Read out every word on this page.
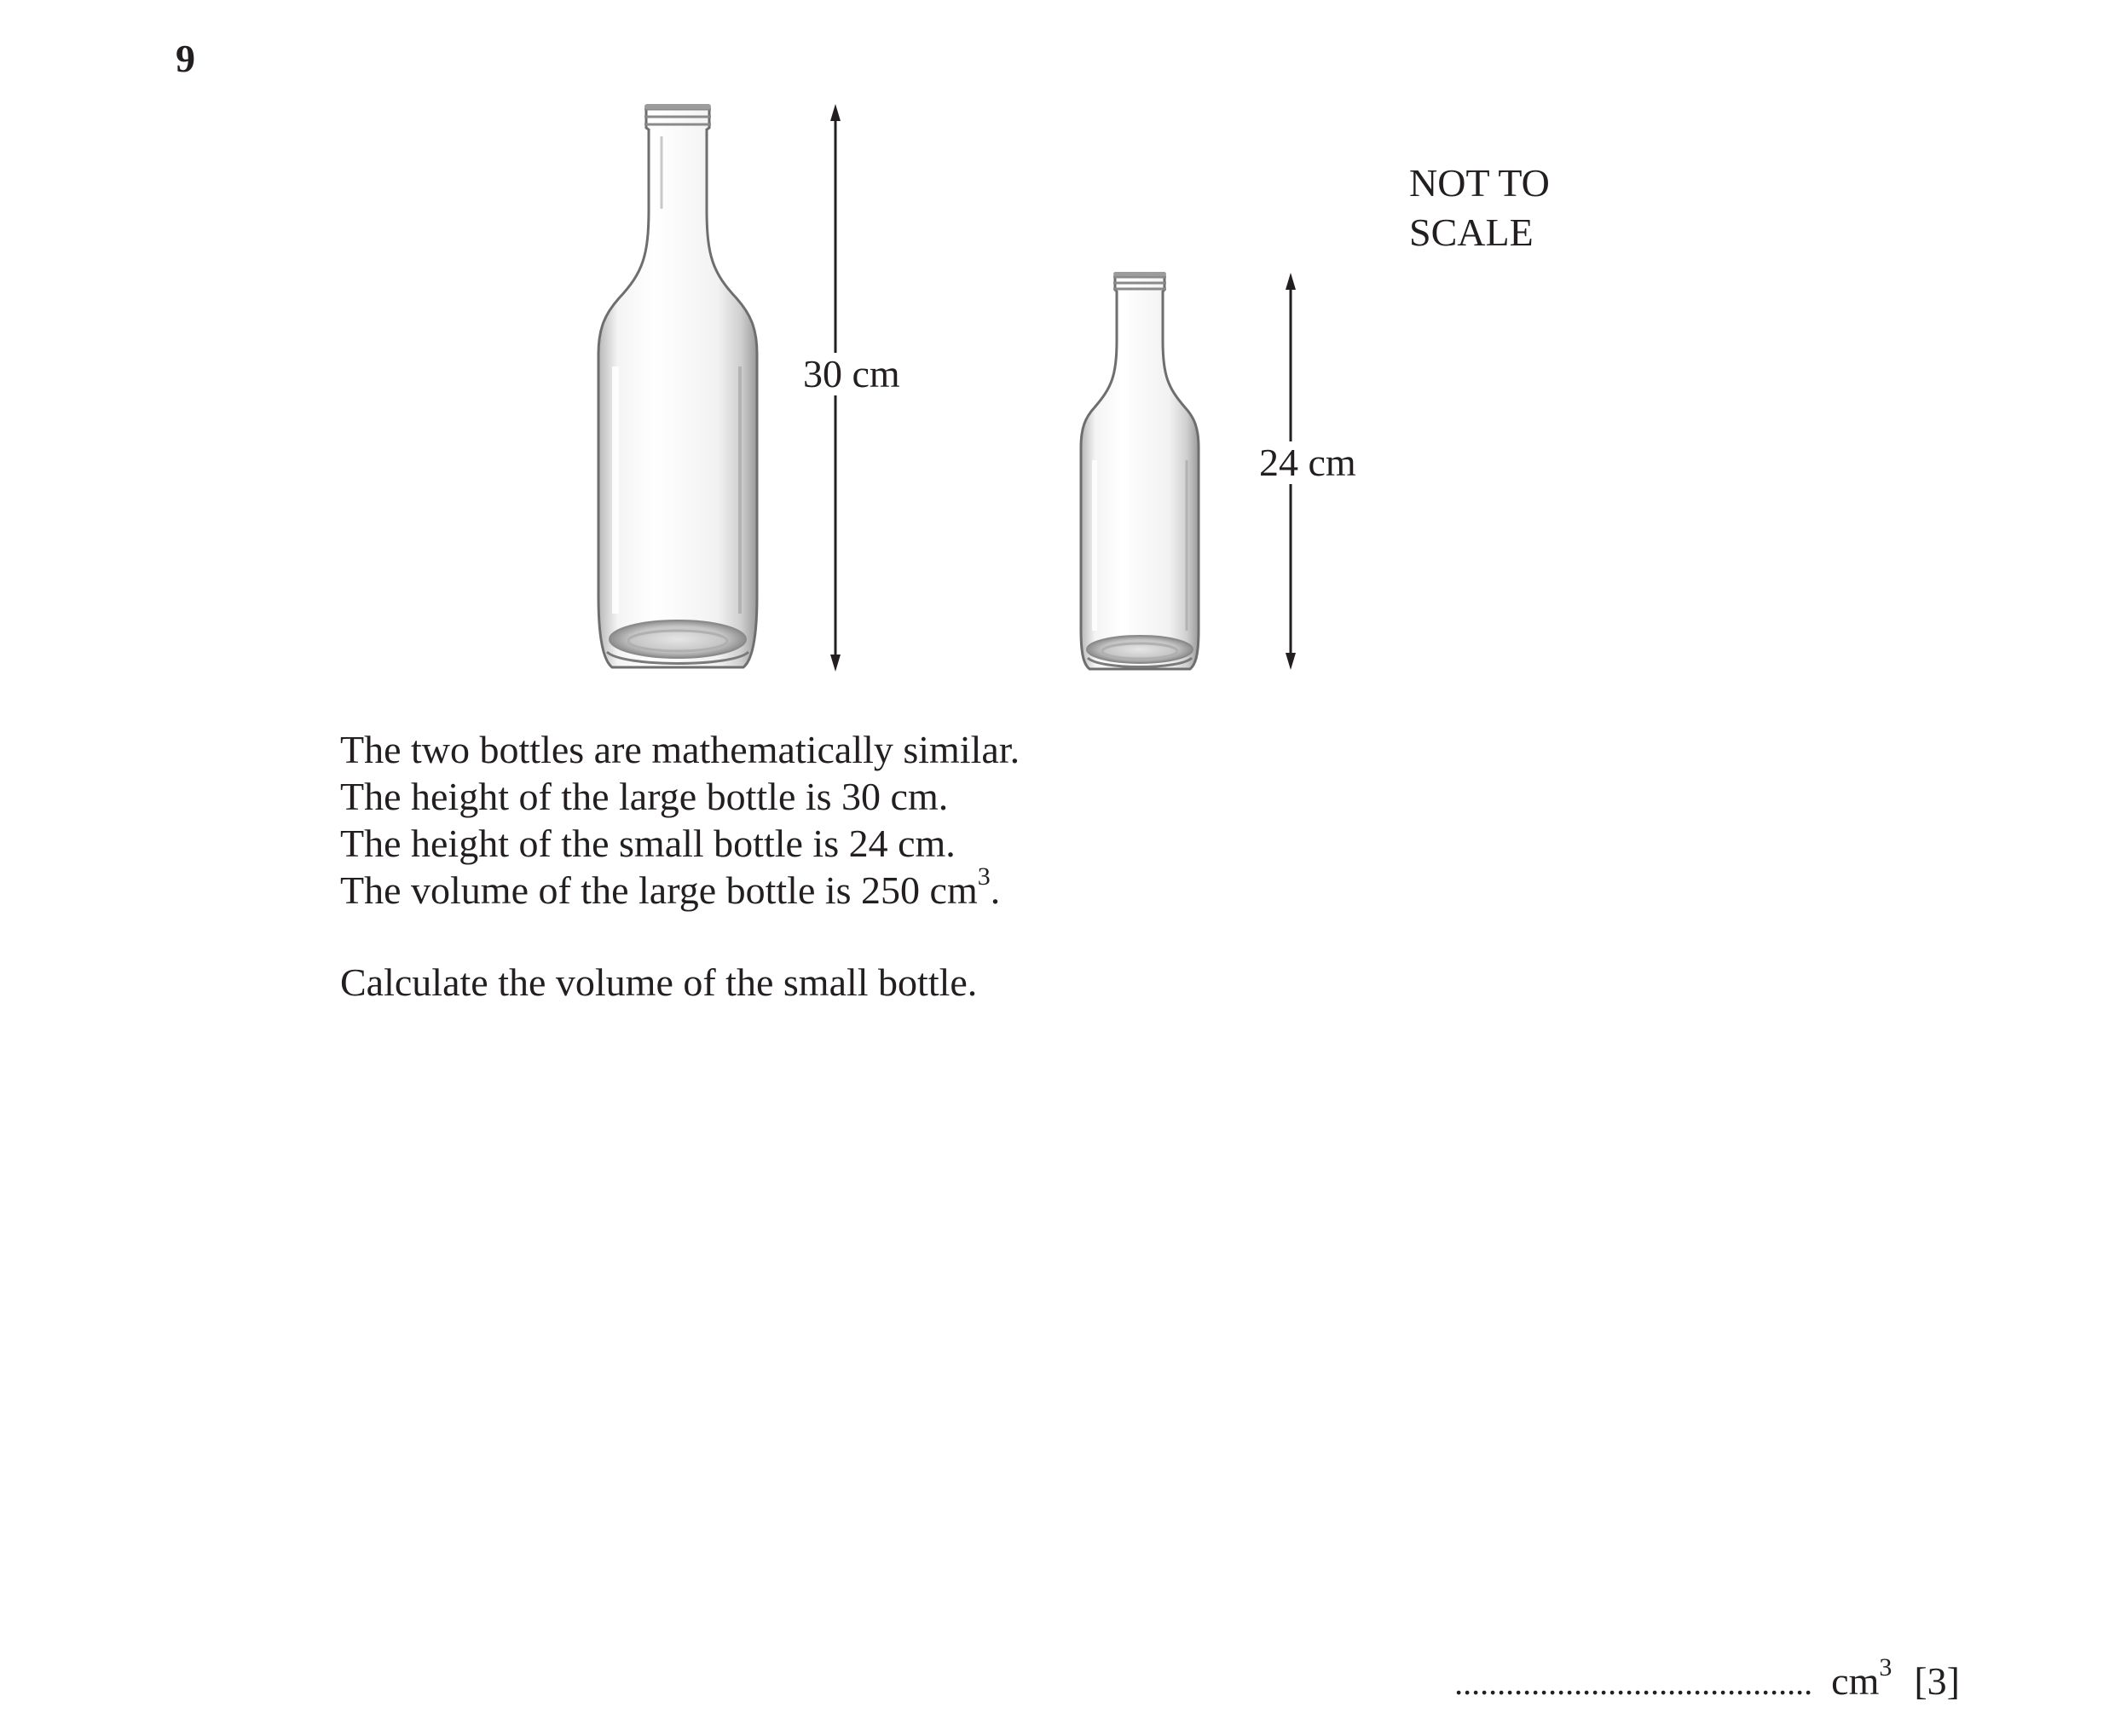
9
30 cm
24 cm
NOT TO
SCALE

The two bottles are mathematically similar.

The height of the large bottle is 30 cm.

The height of the small bottle is 24 cm.

The volume of the large bottle is 250 $cm^3$.

Calculate the volume of the small bottle.

.......................................... $cm^3$ [3]
